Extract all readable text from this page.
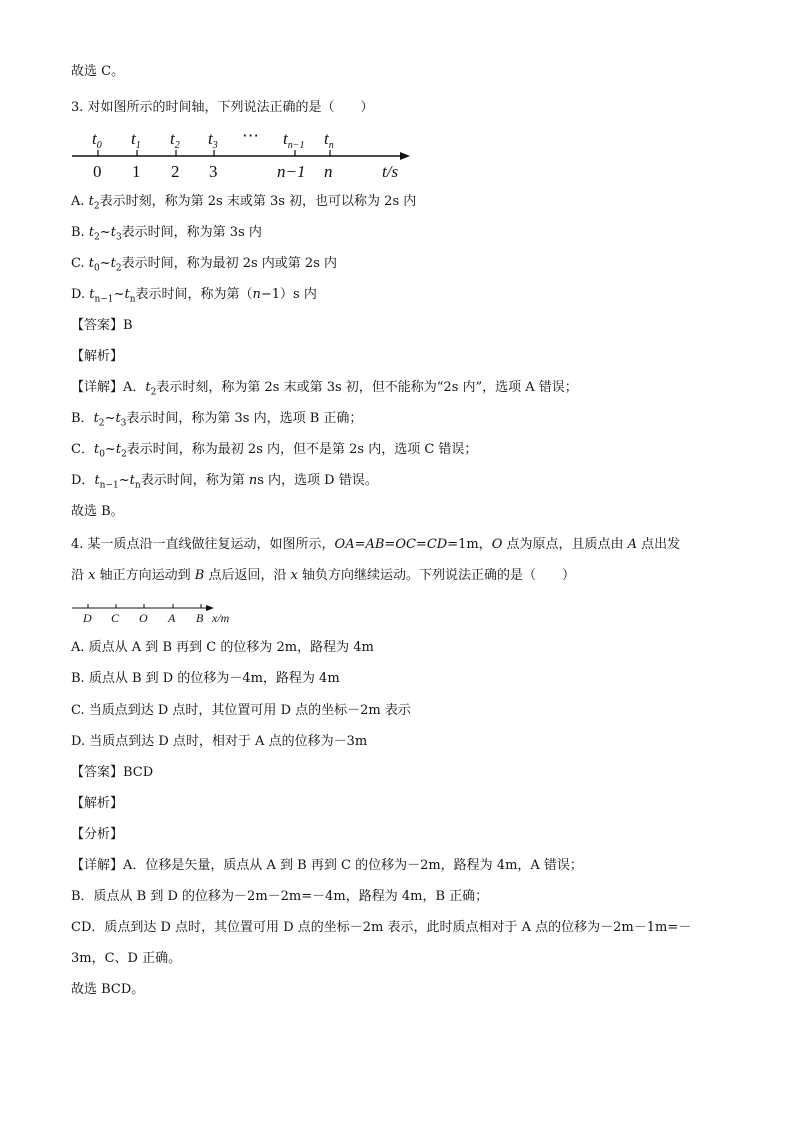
故选 C。
3. 对如图所示的时间轴，下列说法正确的是（　　）
$t_0$ $t_1$ $t_2$ $t_3$
⋯ $t_{n-1}$ $t_n$
0 1 2 3	n−1 n	t/s
A. $t_2$表示时刻，称为第 2s 末或第 3s 初，也可以称为 2s 内
B. $t_2\sim t_3$表示时间，称为第 3s 内
C. $t_0\sim t_2$表示时间，称为最初 2s 内或第 2s 内
D. $t_{n-1}\sim t_n$表示时间，称为第（n−1）s 内
【答案】B
【解析】
【详解】A．$t_2$表示时刻，称为第 2s 末或第 3s 初，但不能称为“2s 内”，选项 A 错误；
B．$t_2\sim t_3$表示时间，称为第 3s 内，选项 B 正确；
C．$t_0\sim t_2$表示时间，称为最初 2s 内，但不是第 2s 内，选项 C 错误；
D．$t_{n-1}\sim t_n$表示时间，称为第 ns 内，选项 D 错误。
故选 B。
4. 某一质点沿一直线做往复运动，如图所示，OA=AB=OC=CD=1m，O 点为原点，且质点由 A 点出发
沿 x 轴正方向运动到 B 点后返回，沿 x 轴负方向继续运动。下列说法正确的是（　　）
D C O A B x/m
A. 质点从 A 到 B 再到 C 的位移为 2m，路程为 4m
B. 质点从 B 到 D 的位移为－4m，路程为 4m
C. 当质点到达 D 点时，其位置可用 D 点的坐标－2m 表示
D. 当质点到达 D 点时，相对于 A 点的位移为－3m
【答案】BCD
【解析】
【分析】
【详解】A．位移是矢量，质点从 A 到 B 再到 C 的位移为－2m，路程为 4m，A 错误；
B．质点从 B 到 D 的位移为－2m－2m=－4m，路程为 4m，B 正确；
CD．质点到达 D 点时，其位置可用 D 点的坐标－2m 表示，此时质点相对于 A 点的位移为－2m－1m=－
3m，C、D 正确。
故选 BCD。
